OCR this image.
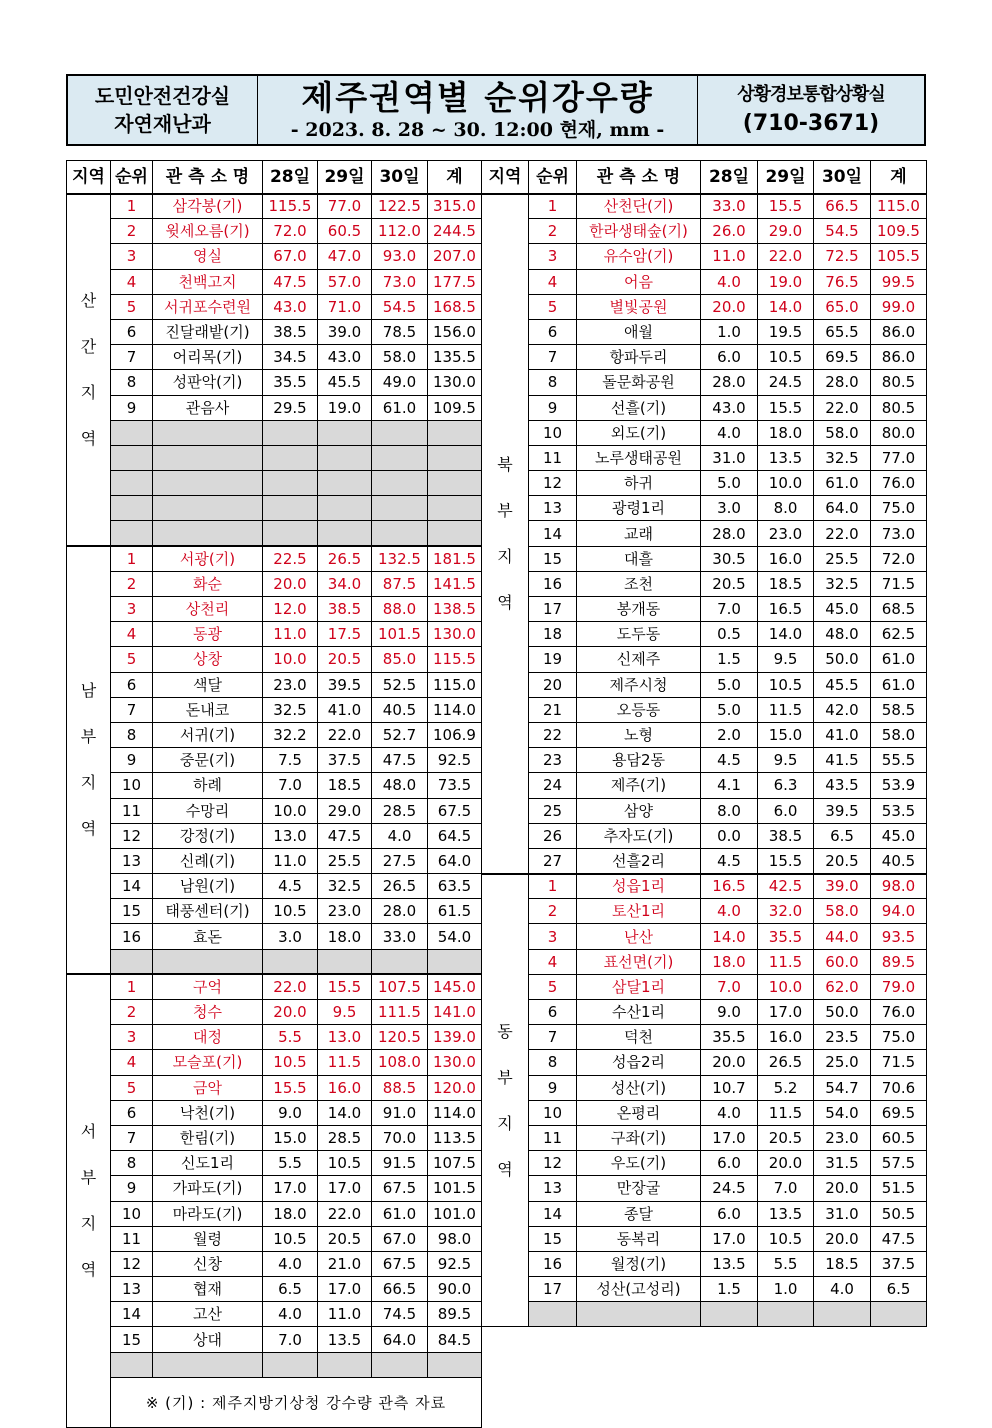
도민안전건강실
자연재난과
제주권역별 순위강우량
- 2023. 8. 28 ~ 30. 12:00 현재, mm -
상황경보통합상황실
(710-3671)
지역	순위	관 측 소 명	28일	29일	30일	계

산
간
지
역	1	삼각봉(기)	115.5	77.0	122.5	315.0
	2	윗세오름(기)	72.0	60.5	112.0	244.5
	3	영실	67.0	47.0	93.0	207.0
	4	천백고지	47.5	57.0	73.0	177.5
	5	서귀포수련원	43.0	71.0	54.5	168.5
	6	진달래밭(기)	38.5	39.0	78.5	156.0
	7	어리목(기)	34.5	43.0	58.0	135.5
	8	성판악(기)	35.5	45.5	49.0	130.0
	9	관음사	29.5	19.0	61.0	109.5

남
부
지
역	1	서광(기)	22.5	26.5	132.5	181.5
	2	화순	20.0	34.0	87.5	141.5
	3	상천리	12.0	38.5	88.0	138.5
	4	동광	11.0	17.5	101.5	130.0
	5	상창	10.0	20.5	85.0	115.5
	6	색달	23.0	39.5	52.5	115.0
	7	돈내코	32.5	41.0	40.5	114.0
	8	서귀(기)	32.2	22.0	52.7	106.9
	9	중문(기)	7.5	37.5	47.5	92.5
	10	하례	7.0	18.5	48.0	73.5
	11	수망리	10.0	29.0	28.5	67.5
	12	강정(기)	13.0	47.5	4.0	64.5
	13	신례(기)	11.0	25.5	27.5	64.0
	14	남원(기)	4.5	32.5	26.5	63.5
	15	태풍센터(기)	10.5	23.0	28.0	61.5
	16	효돈	3.0	18.0	33.0	54.0

서
부
지
역	1	구억	22.0	15.5	107.5	145.0
	2	청수	20.0	9.5	111.5	141.0
	3	대정	5.5	13.0	120.5	139.0
	4	모슬포(기)	10.5	11.5	108.0	130.0
	5	금악	15.5	16.0	88.5	120.0
	6	낙천(기)	9.0	14.0	91.0	114.0
	7	한림(기)	15.0	28.5	70.0	113.5
	8	신도1리	5.5	10.5	91.5	107.5
	9	가파도(기)	17.0	17.0	67.5	101.5
	10	마라도(기)	18.0	22.0	61.0	101.0
	11	월령	10.5	20.5	67.0	98.0
	12	신창	4.0	21.0	67.5	92.5
	13	협재	6.5	17.0	66.5	90.0
	14	고산	4.0	11.0	74.5	89.5
	15	상대	7.0	13.5	64.0	84.5

	※ (기) : 제주지방기상청 강수량 관측 자료					

지역	순위	관 측 소 명	28일	29일	30일	계

북
부
지
역	1	산천단(기)	33.0	15.5	66.5	115.0
	2	한라생태숲(기)	26.0	29.0	54.5	109.5
	3	유수암(기)	11.0	22.0	72.5	105.5
	4	어음	4.0	19.0	76.5	99.5
	5	별빛공원	20.0	14.0	65.0	99.0
	6	애월	1.0	19.5	65.5	86.0
	7	항파두리	6.0	10.5	69.5	86.0
	8	돌문화공원	28.0	24.5	28.0	80.5
	9	선흘(기)	43.0	15.5	22.0	80.5
	10	외도(기)	4.0	18.0	58.0	80.0
	11	노루생태공원	31.0	13.5	32.5	77.0
	12	하귀	5.0	10.0	61.0	76.0
	13	광령1리	3.0	8.0	64.0	75.0
	14	교래	28.0	23.0	22.0	73.0
	15	대흘	30.5	16.0	25.5	72.0
	16	조천	20.5	18.5	32.5	71.5
	17	봉개동	7.0	16.5	45.0	68.5
	18	도두동	0.5	14.0	48.0	62.5
	19	신제주	1.5	9.5	50.0	61.0
	20	제주시청	5.0	10.5	45.5	61.0
	21	오등동	5.0	11.5	42.0	58.5
	22	노형	2.0	15.0	41.0	58.0
	23	용담2동	4.5	9.5	41.5	55.5
	24	제주(기)	4.1	6.3	43.5	53.9
	25	삼양	8.0	6.0	39.5	53.5
	26	추자도(기)	0.0	38.5	6.5	45.0
	27	선흘2리	4.5	15.5	20.5	40.5

동
부
지
역	1	성읍1리	16.5	42.5	39.0	98.0
	2	토산1리	4.0	32.0	58.0	94.0
	3	난산	14.0	35.5	44.0	93.5
	4	표선면(기)	18.0	11.5	60.0	89.5
	5	삼달1리	7.0	10.0	62.0	79.0
	6	수산1리	9.0	17.0	50.0	76.0
	7	덕천	35.5	16.0	23.5	75.0
	8	성읍2리	20.0	26.5	25.0	71.5
	9	성산(기)	10.7	5.2	54.7	70.6
	10	온평리	4.0	11.5	54.0	69.5
	11	구좌(기)	17.0	20.5	23.0	60.5
	12	우도(기)	6.0	20.0	31.5	57.5
	13	만장굴	24.5	7.0	20.0	51.5
	14	종달	6.0	13.5	31.0	50.5
	15	동복리	17.0	10.5	20.0	47.5
	16	월정(기)	13.5	5.5	18.5	37.5
	17	성산(고성리)	1.5	1.0	4.0	6.5
